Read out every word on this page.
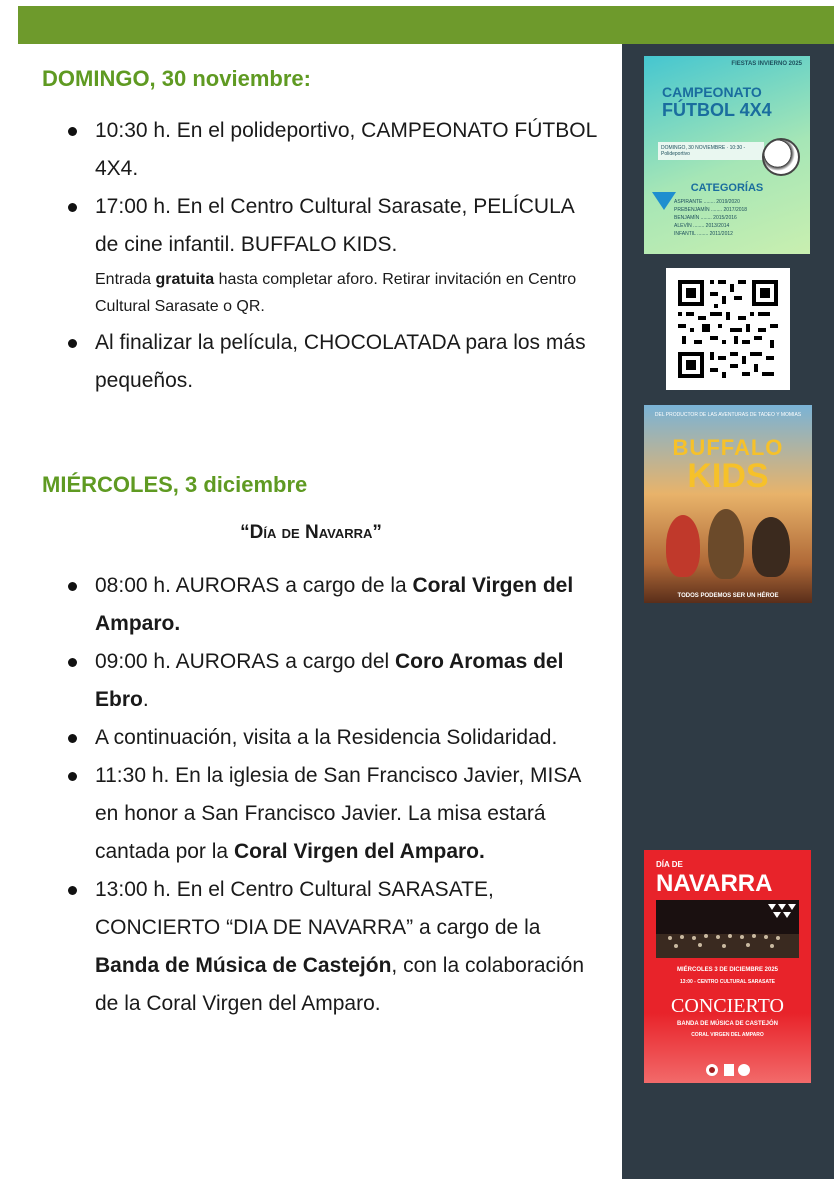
DOMINGO, 30 noviembre:
10:30 h. En el polideportivo, CAMPEONATO FÚTBOL 4X4.
17:00 h. En el Centro Cultural Sarasate, PELÍCULA de cine infantil. BUFFALO KIDS.
Entrada gratuita hasta completar aforo. Retirar invitación en Centro Cultural Sarasate o QR.
Al finalizar la película, CHOCOLATADA para los más pequeños.
MIÉRCOLES, 3 diciembre
“Día de Navarra”
08:00 h. AURORAS a cargo de la Coral Virgen del Amparo.
09:00 h. AURORAS a cargo del Coro Aromas del Ebro.
A continuación, visita a la Residencia Solidaridad.
11:30 h. En la iglesia de San Francisco Javier, MISA en honor a San Francisco Javier. La misa estará cantada por la Coral Virgen del Amparo.
13:00 h. En el Centro Cultural SARASATE, CONCIERTO “DIA DE NAVARRA” a cargo de la Banda de Música de Castejón, con la colaboración de la Coral Virgen del Amparo.
FIESTAS INVIERNO 2025
CAMPEONATO
FÚTBOL 4X4
DOMINGO, 30 NOVIEMBRE · 10:30 - Polideportivo
CATEGORÍAS
ASPIRANTE ........ 2019/2020
PREBENJAMÍN ........ 2017/2018
BENJAMÍN ........ 2015/2016
ALEVÍN ........ 2013/2014
INFANTIL ........ 2011/2012
DEL PRODUCTOR DE LAS AVENTURAS DE TADEO Y MOMIAS
BUFFALO
KIDS
TODOS PODEMOS SER UN HÉROE
DÍA DE
NAVARRA
MIÉRCOLES 3 DE DICIEMBRE 2025
13:00 - CENTRO CULTURAL SARASATE
CONCIERTO
BANDA DE MÚSICA DE CASTEJÓN
CORAL VIRGEN DEL AMPARO
